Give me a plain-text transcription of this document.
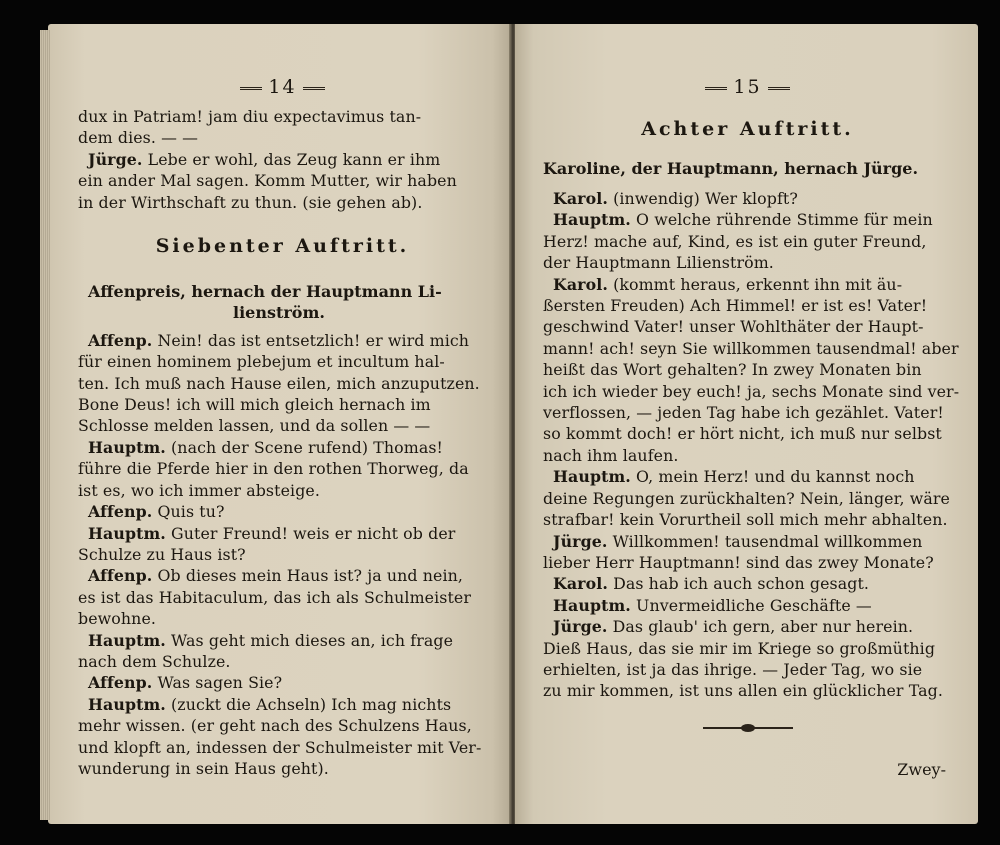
14
dux in Patriam! jam diu expectavimus tan-
dem dies. — —
Jürge. Lebe er wohl, das Zeug kann er ihm
ein ander Mal sagen. Komm Mutter, wir haben
in der Wirthschaft zu thun. (sie gehen ab).
Siebenter Auftritt.
Affenpreis, hernach der Hauptmann Li-
lienström.
Affenp. Nein! das ist entsetzlich! er wird mich
für einen hominem plebejum et incultum hal-
ten. Ich muß nach Hause eilen, mich anzuputzen.
Bone Deus! ich will mich gleich hernach im
Schlosse melden lassen, und da sollen — —
Hauptm. (nach der Scene rufend) Thomas!
führe die Pferde hier in den rothen Thorweg, da
ist es, wo ich immer absteige.
Affenp. Quis tu?
Hauptm. Guter Freund! weis er nicht ob der
Schulze zu Haus ist?
Affenp. Ob dieses mein Haus ist? ja und nein,
es ist das Habitaculum, das ich als Schulmeister
bewohne.
Hauptm. Was geht mich dieses an, ich frage
nach dem Schulze.
Affenp. Was sagen Sie?
Hauptm. (zuckt die Achseln) Ich mag nichts
mehr wissen. (er geht nach des Schulzens Haus,
und klopft an, indessen der Schulmeister mit Ver-
wunderung in sein Haus geht).
15
Achter Auftritt.
Karoline, der Hauptmann, hernach Jürge.
Karol. (inwendig) Wer klopft?
Hauptm. O welche rührende Stimme für mein
Herz! mache auf, Kind, es ist ein guter Freund,
der Hauptmann Lilienström.
Karol. (kommt heraus, erkennt ihn mit äu-
ßersten Freuden) Ach Himmel! er ist es! Vater!
geschwind Vater! unser Wohlthäter der Haupt-
mann! ach! seyn Sie willkommen tausendmal! aber
heißt das Wort gehalten? In zwey Monaten bin
ich ich wieder bey euch! ja, sechs Monate sind ver-
verflossen, — jeden Tag habe ich gezählet. Vater!
so kommt doch! er hört nicht, ich muß nur selbst
nach ihm laufen.
Hauptm. O, mein Herz! und du kannst noch
deine Regungen zurückhalten? Nein, länger, wäre
strafbar! kein Vorurtheil soll mich mehr abhalten.
Jürge. Willkommen! tausendmal willkommen
lieber Herr Hauptmann! sind das zwey Monate?
Karol. Das hab ich auch schon gesagt.
Hauptm. Unvermeidliche Geschäfte —
Jürge. Das glaub' ich gern, aber nur herein.
Dieß Haus, das sie mir im Kriege so großmüthig
erhielten, ist ja das ihrige. — Jeder Tag, wo sie
zu mir kommen, ist uns allen ein glücklicher Tag.
Zwey-
